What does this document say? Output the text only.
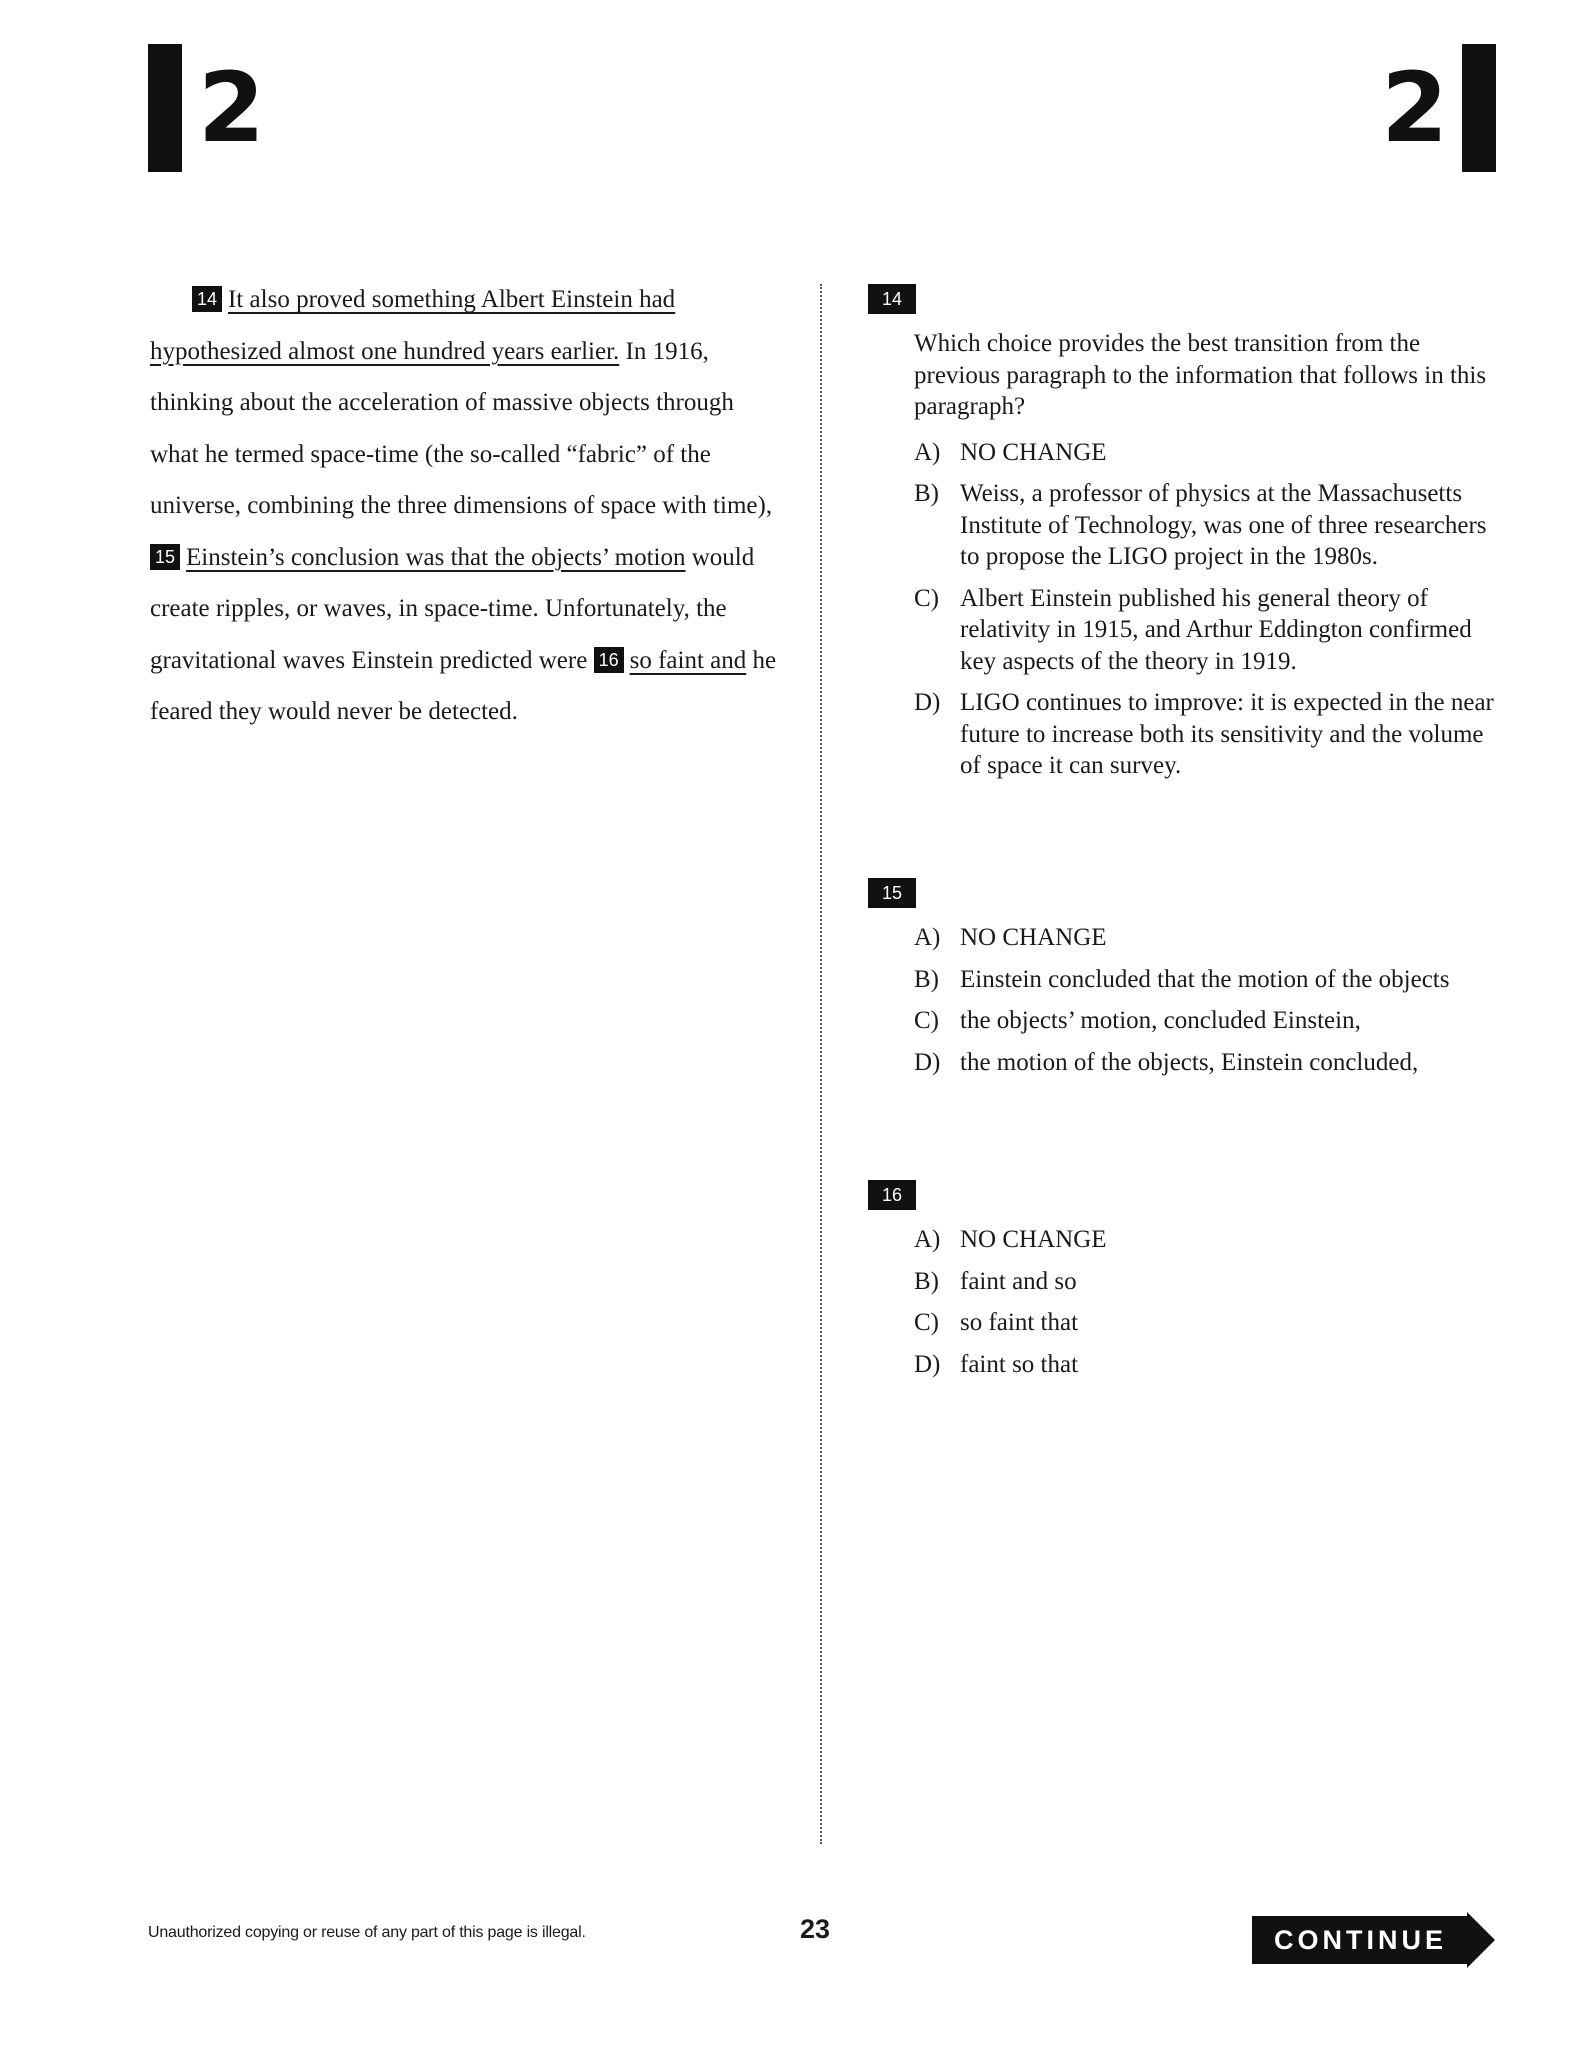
2	2
14 It also proved something Albert Einstein had hypothesized almost one hundred years earlier. In 1916, thinking about the acceleration of massive objects through what he termed space-time (the so-called “fabric” of the universe, combining the three dimensions of space with time), 15 Einstein’s conclusion was that the objects’ motion would create ripples, or waves, in space-time. Unfortunately, the gravitational waves Einstein predicted were 16 so faint and he feared they would never be detected.
14
Which choice provides the best transition from the previous paragraph to the information that follows in this paragraph?
A) NO CHANGE
B) Weiss, a professor of physics at the Massachusetts Institute of Technology, was one of three researchers to propose the LIGO project in the 1980s.
C) Albert Einstein published his general theory of relativity in 1915, and Arthur Eddington confirmed key aspects of the theory in 1919.
D) LIGO continues to improve: it is expected in the near future to increase both its sensitivity and the volume of space it can survey.
15
A) NO CHANGE
B) Einstein concluded that the motion of the objects
C) the objects’ motion, concluded Einstein,
D) the motion of the objects, Einstein concluded,
16
A) NO CHANGE
B) faint and so
C) so faint that
D) faint so that
Unauthorized copying or reuse of any part of this page is illegal.	23	CONTINUE
